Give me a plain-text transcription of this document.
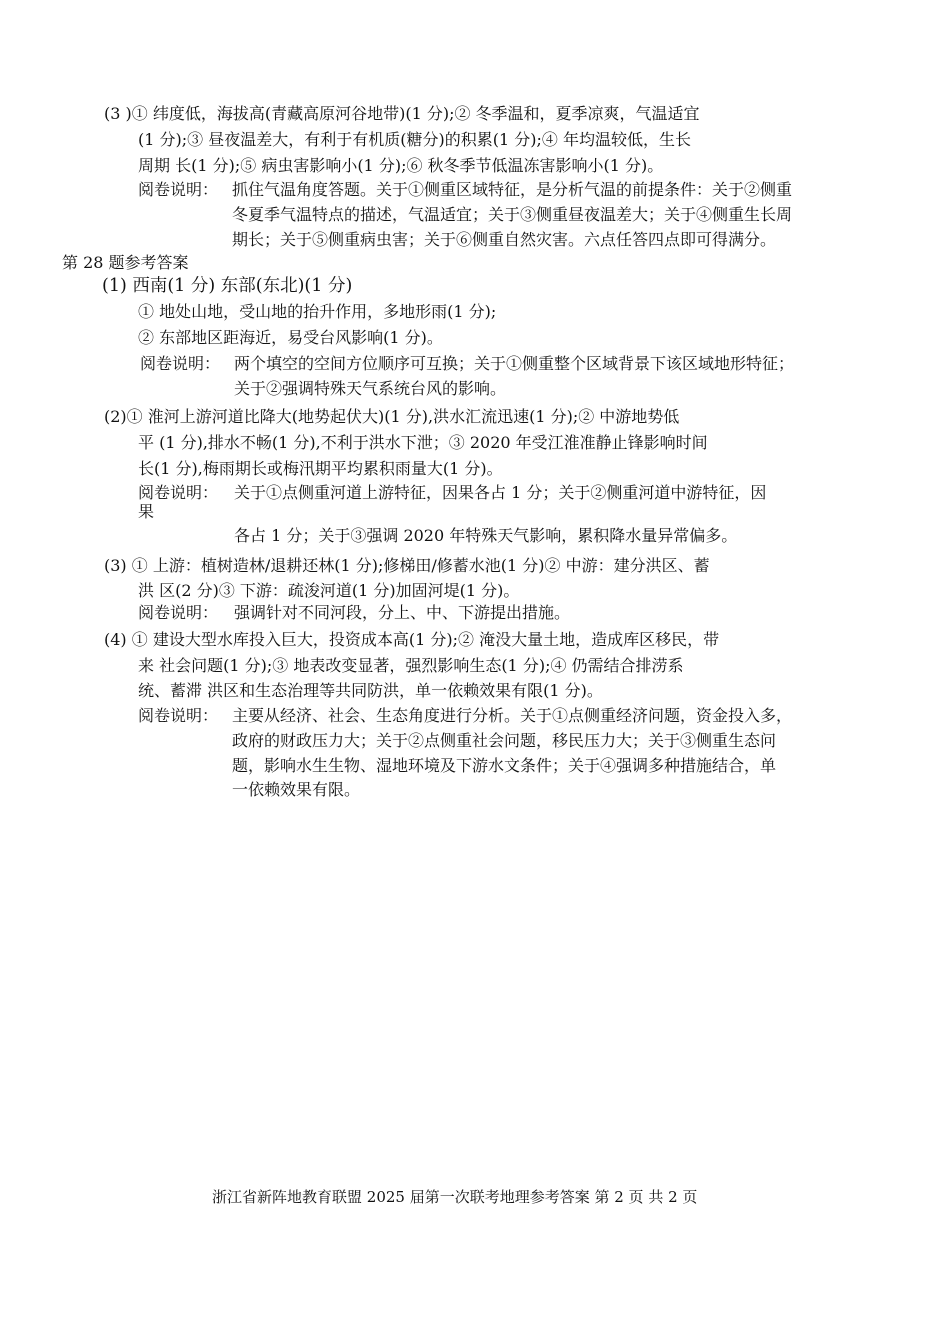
(3 )① 纬度低，海拔高(青藏高原河谷地带)(1 分);② 冬季温和，夏季凉爽，气温适宜
(1 分);③ 昼夜温差大，有利于有机质(糖分)的积累(1 分);④ 年均温较低，生长
周期 长(1 分);⑤ 病虫害影响小(1 分);⑥ 秋冬季节低温冻害影响小(1 分)。
阅卷说明： 抓住气温角度答题。关于①侧重区域特征，是分析气温的前提条件：关于②侧重
冬夏季气温特点的描述，气温适宜；关于③侧重昼夜温差大；关于④侧重生长周
期长；关于⑤侧重病虫害；关于⑥侧重自然灾害。六点任答四点即可得满分。
第 28 题参考答案
(1) 西南(1 分) 东部(东北)(1 分)
① 地处山地，受山地的抬升作用，多地形雨(1 分);
② 东部地区距海近，易受台风影响(1 分)。
阅卷说明： 两个填空的空间方位顺序可互换；关于①侧重整个区域背景下该区域地形特征；
关于②强调特殊天气系统台风的影响。
(2)① 淮河上游河道比降大(地势起伏大)(1 分),洪水汇流迅速(1 分);② 中游地势低
平 (1 分),排水不畅(1 分),不利于洪水下泄；③ 2020 年受江淮准静止锋影响时间
长(1 分),梅雨期长或梅汛期平均累积雨量大(1 分)。
阅卷说明： 关于①点侧重河道上游特征，因果各占 1 分；关于②侧重河道中游特征，因
果
各占 1 分；关于③强调 2020 年特殊天气影响，累积降水量异常偏多。
(3) ① 上游：植树造林/退耕还林(1 分);修梯田/修蓄水池(1 分)② 中游：建分洪区、蓄
洪 区(2 分)③ 下游：疏浚河道(1 分)加固河堤(1 分)。
阅卷说明： 强调针对不同河段，分上、中、下游提出措施。
(4) ① 建设大型水库投入巨大，投资成本高(1 分);② 淹没大量土地，造成库区移民，带
来 社会问题(1 分);③ 地表改变显著，强烈影响生态(1 分);④ 仍需结合排涝系
统、蓄滞 洪区和生态治理等共同防洪，单一依赖效果有限(1 分)。
阅卷说明： 主要从经济、社会、生态角度进行分析。关于①点侧重经济问题，资金投入多，
政府的财政压力大；关于②点侧重社会问题，移民压力大；关于③侧重生态问
题，影响水生生物、湿地环境及下游水文条件；关于④强调多种措施结合，单
一依赖效果有限。
浙江省新阵地教育联盟 2025 届第一次联考地理参考答案 第 2 页 共 2 页
